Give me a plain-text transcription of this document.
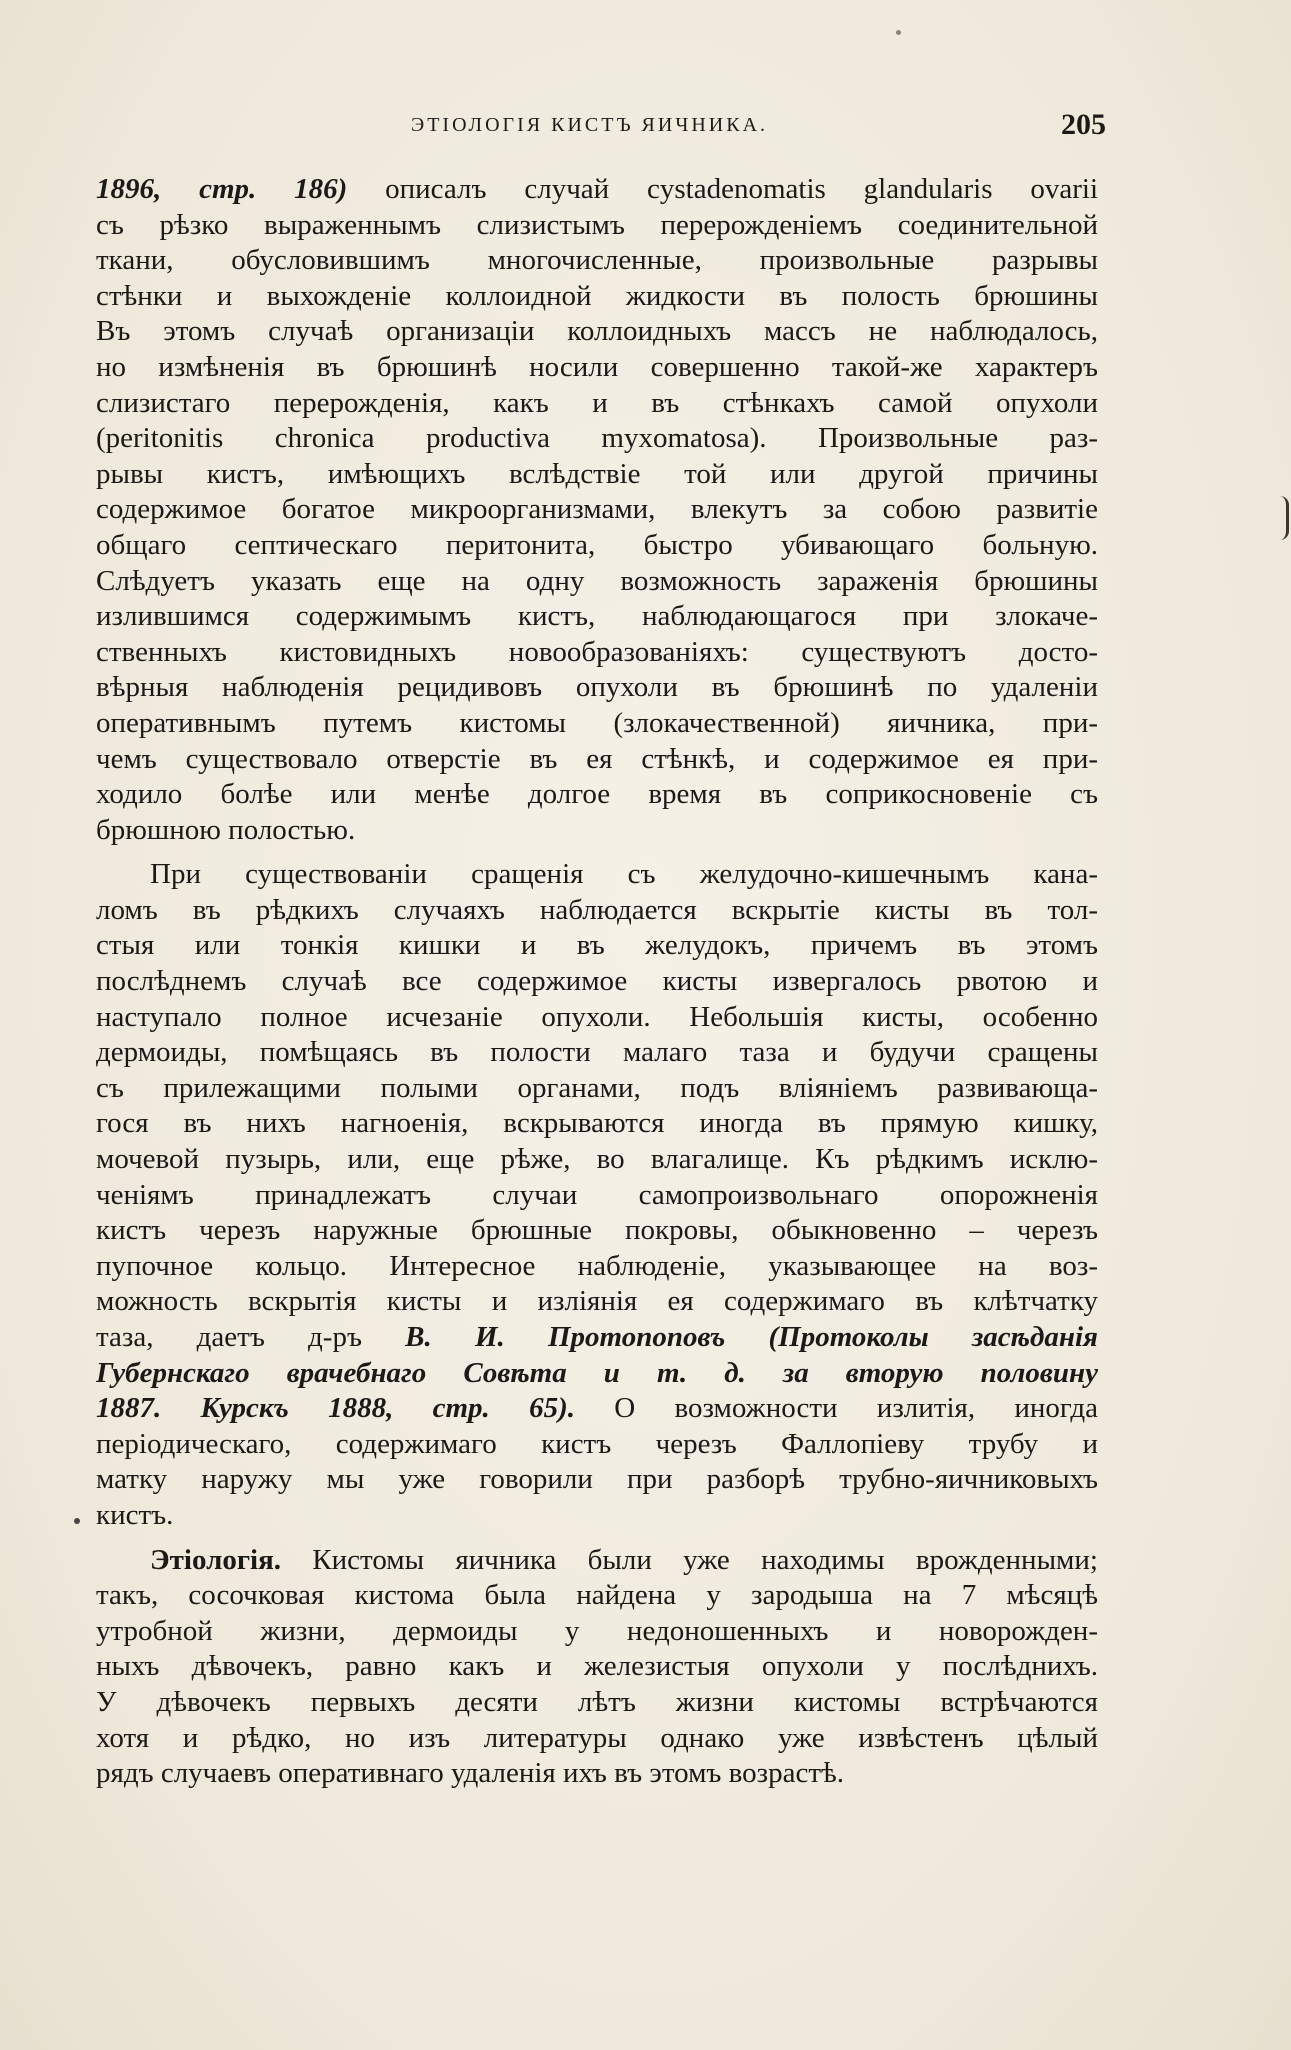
ЭТІОЛОГІЯ КИСТЪ ЯИЧНИКА.	205
1896, стр. 186) описалъ случай cystadenomatis glandularis ovarii
съ рѣзко выраженнымъ слизистымъ перерожденіемъ соединительной
ткани, обусловившимъ многочисленные, произвольные разрывы
стѣнки и выхожденіе коллоидной жидкости въ полость брюшины
Въ этомъ случаѣ организаціи коллоидныхъ массъ не наблюдалось,
но измѣненія въ брюшинѣ носили совершенно такой-же характеръ
слизистаго перерожденія, какъ и въ стѣнкахъ самой опухоли
(peritonitis chronica productiva myxomatosa). Произвольные раз-
рывы кистъ, имѣющихъ вслѣдствіе той или другой причины
содержимое богатое микроорганизмами, влекутъ за собою развитіе
общаго септическаго перитонита, быстро убивающаго больную.
Слѣдуетъ указать еще на одну возможность зараженія брюшины
излившимся содержимымъ кистъ, наблюдающагося при злокаче-
ственныхъ кистовидныхъ новообразованіяхъ: существуютъ досто-
вѣрныя наблюденія рецидивовъ опухоли въ брюшинѣ по удаленіи
оперативнымъ путемъ кистомы (злокачественной) яичника, при-
чемъ существовало отверстіе въ ея стѣнкѣ, и содержимое ея при-
ходило болѣе или менѣе долгое время въ соприкосновеніе съ
брюшною полостью.
При существованіи сращенія съ желудочно-кишечнымъ кана-
ломъ въ рѣдкихъ случаяхъ наблюдается вскрытіе кисты въ тол-
стыя или тонкія кишки и въ желудокъ, причемъ въ этомъ
послѣднемъ случаѣ все содержимое кисты извергалось рвотою и
наступало полное исчезаніе опухоли. Небольшія кисты, особенно
дермоиды, помѣщаясь въ полости малаго таза и будучи сращены
съ прилежащими полыми органами, подъ вліяніемъ развивающа-
гося въ нихъ нагноенія, вскрываются иногда въ прямую кишку,
мочевой пузырь, или, еще рѣже, во влагалище. Къ рѣдкимъ исклю-
ченіямъ принадлежатъ случаи самопроизвольнаго опорожненія
кистъ черезъ наружные брюшные покровы, обыкновенно – черезъ
пупочное кольцо. Интересное наблюденіе, указывающее на воз-
можность вскрытія кисты и изліянія ея содержимаго въ клѣтчатку
таза, даетъ д-ръ В. И. Протопоповъ (Протоколы засѣданія
Губернскаго врачебнаго Совѣта и т. д. за вторую половину
1887. Курскъ 1888, стр. 65). О возможности излитія, иногда
періодическаго, содержимаго кистъ черезъ Фаллопіеву трубу и
матку наружу мы уже говорили при разборѣ трубно-яичниковыхъ
кистъ.
Этіологія. Кистомы яичника были уже находимы врожденными;
такъ, сосочковая кистома была найдена у зародыша на 7 мѣсяцѣ
утробной жизни, дермоиды у недоношенныхъ и новорожден-
ныхъ дѣвочекъ, равно какъ и железистыя опухоли у послѣднихъ.
У дѣвочекъ первыхъ десяти лѣтъ жизни кистомы встрѣчаются
хотя и рѣдко, но изъ литературы однако уже извѣстенъ цѣлый
рядъ случаевъ оперативнаго удаленія ихъ въ этомъ возрастѣ.
